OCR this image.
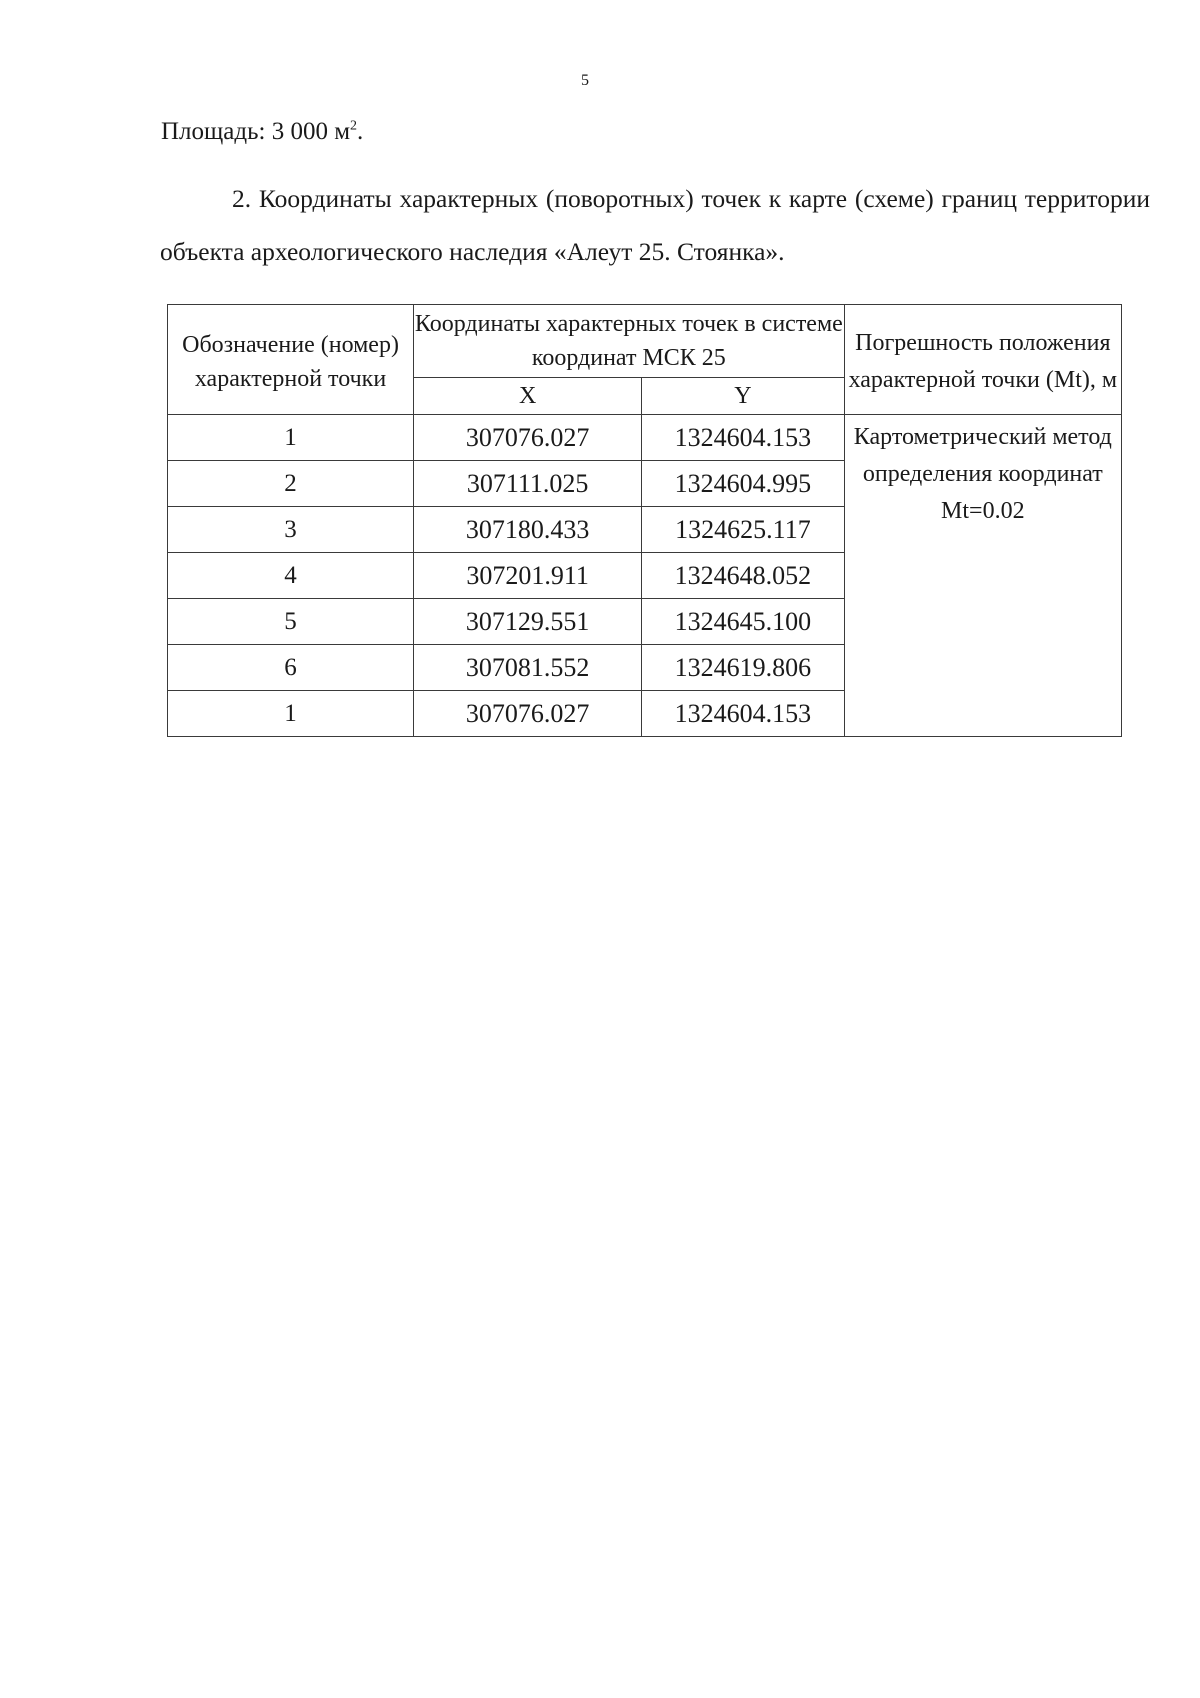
5
Площадь: 3 000 $м^2$.
2. Координаты характерных (поворотных) точек к карте (схеме) границ территории объекта археологического наследия «Алеут 25. Стоянка».
Обозначение (номер) характерной точки	Координаты характерных точек в системе координат МСК 25		Погрешность положения характерной точки (Mt), м
	X	Y	
1	307076.027	1324604.153	Картометрический метод определения координат Mt=0.02
2	307111.025	1324604.995	
3	307180.433	1324625.117	
4	307201.911	1324648.052	
5	307129.551	1324645.100	
6	307081.552	1324619.806	
1	307076.027	1324604.153	
